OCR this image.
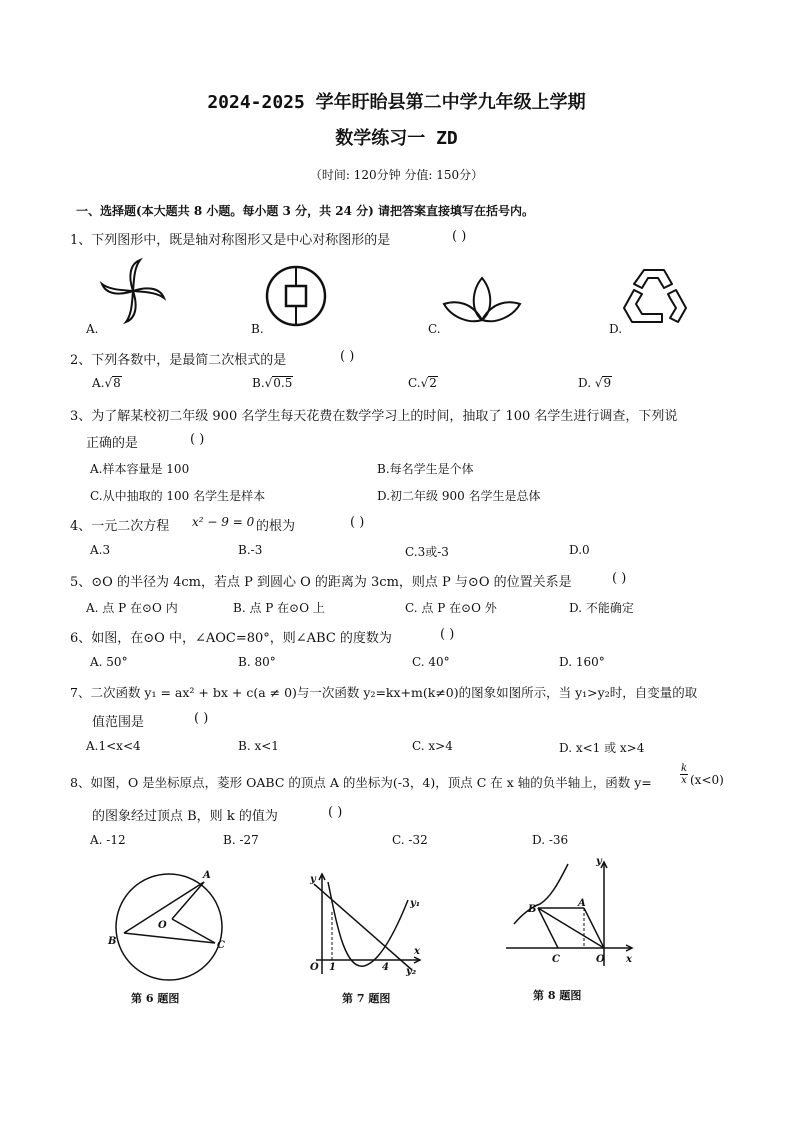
2024-2025 学年盱眙县第二中学九年级上学期
数学练习一 ZD
（时间: 120分钟 分值: 150分）
一、选择题(本大题共 8 小题。每小题 3 分，共 24 分) 请把答案直接填写在括号内。
1、下列图形中，既是轴对称图形又是中心对称图形的是	( )
A.	B.	C.	D.
2、下列各数中，是最简二次根式的是	( )
A.√8	B.√0.5	C.√2	D. √9
3、为了解某校初二年级 900 名学生每天花费在数学学习上的时间，抽取了 100 名学生进行调查，下列说
正确的是	( )
A.样本容量是 100	B.每名学生是个体
C.从中抽取的 100 名学生是样本	D.初二年级 900 名学生是总体
4、一元二次方程 x² − 9 = 0 的根为	( )
A.3	B.-3	C.3或-3	D.0
5、⊙O 的半径为 4cm，若点 P 到圆心 O 的距离为 3cm，则点 P 与⊙O 的位置关系是	( )
A. 点 P 在⊙O 内	B. 点 P 在⊙O 上	C. 点 P 在⊙O 外	D. 不能确定
6、如图，在⊙O 中，∠AOC=80°，则∠ABC 的度数为	( )
A. 50°	B. 80°	C. 40°	D. 160°
7、二次函数 y₁ = ax² + bx + c(a ≠ 0)与一次函数 y₂=kx+m(k≠0)的图象如图所示，当 y₁>y₂时，自变量的取
值范围是	( )
A.1<x<4	B. x<1	C. x>4	D. x<1 或 x>4
8、如图，O 是坐标原点，菱形 OABC 的顶点 A 的坐标为(-3，4)，顶点 C 在 x 轴的负半轴上，函数 y=
k
x (x<0)
的图象经过顶点 B，则 k 的值为	( )
A. -12	B. -27	C. -32	D. -36
A
B	C
O
第 6 题图
y
x
O 1	4
y₁
y₂
第 7 题图
y
x
O
A
B
C
第 8 题图
